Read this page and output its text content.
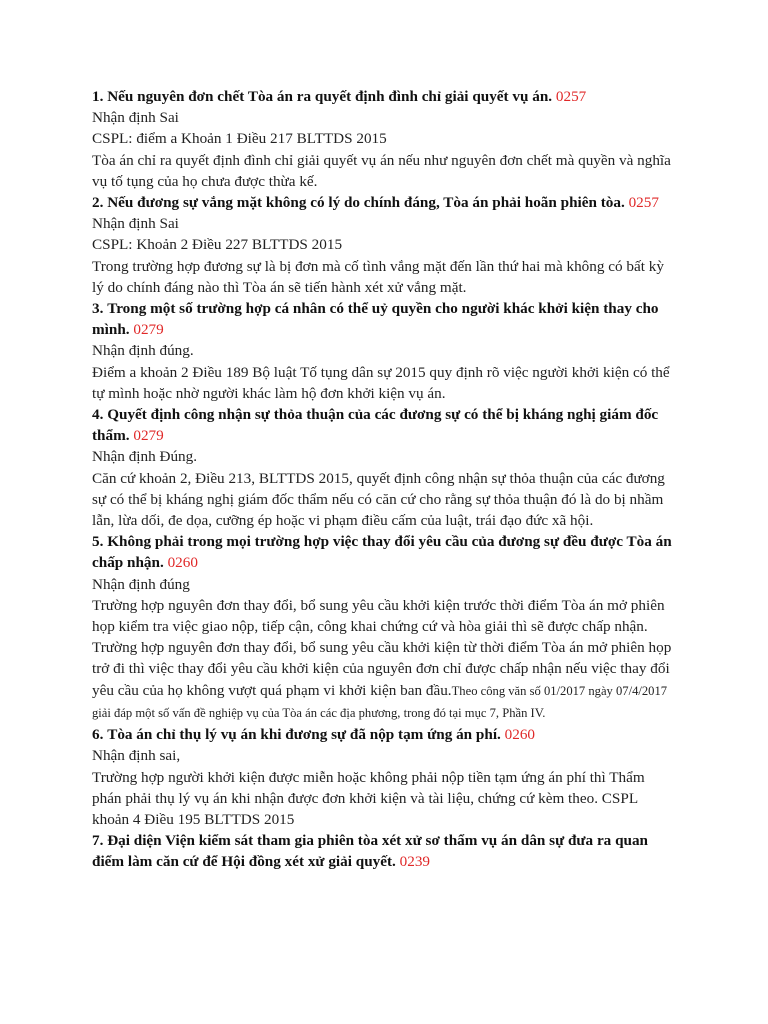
1. Nếu nguyên đơn chết Tòa án ra quyết định đình chỉ giải quyết vụ án. 0257

Nhận định Sai

CSPL: điểm a Khoản 1 Điều 217 BLTTDS 2015

Tòa án chỉ ra quyết định đình chỉ giải quyết vụ án nếu như nguyên đơn chết mà quyền và nghĩa vụ tố tụng của họ chưa được thừa kế.

2. Nếu đương sự vắng mặt không có lý do chính đáng, Tòa án phải hoãn phiên tòa. 0257

Nhận định Sai

CSPL: Khoản 2 Điều 227 BLTTDS 2015

Trong trường hợp đương sự là bị đơn mà cố tình vắng mặt đến lần thứ hai mà không có bất kỳ lý do chính đáng nào thì Tòa án sẽ tiến hành xét xử vắng mặt.

3. Trong một số trường hợp cá nhân có thể uỷ quyền cho người khác khởi kiện thay cho mình. 0279

Nhận định đúng.

Điểm a khoản 2 Điều 189 Bộ luật Tố tụng dân sự 2015 quy định rõ việc người khởi kiện có thể tự mình hoặc nhờ người khác làm hộ đơn khởi kiện vụ án.

4. Quyết định công nhận sự thỏa thuận của các đương sự có thể bị kháng nghị giám đốc thẩm. 0279

Nhận định Đúng.

Căn cứ khoản 2, Điều 213, BLTTDS 2015, quyết định công nhận sự thỏa thuận của các đương sự có thể bị kháng nghị giám đốc thẩm nếu có căn cứ cho rằng sự thỏa thuận đó là do bị nhầm lẫn, lừa dối, đe dọa, cưỡng ép hoặc vi phạm điều cấm của luật, trái đạo đức xã hội.

5. Không phải trong mọi trường hợp việc thay đổi yêu cầu của đương sự đều được Tòa án chấp nhận. 0260

Nhận định đúng

Trường hợp nguyên đơn thay đổi, bổ sung yêu cầu khởi kiện trước thời điểm Tòa án mở phiên họp kiểm tra việc giao nộp, tiếp cận, công khai chứng cứ và hòa giải thì sẽ được chấp nhận. Trường hợp nguyên đơn thay đổi, bổ sung yêu cầu khởi kiện từ thời điểm Tòa án mở phiên họp trở đi thì việc thay đổi yêu cầu khởi kiện của nguyên đơn chỉ được chấp nhận nếu việc thay đổi yêu cầu của họ không vượt quá phạm vi khởi kiện ban đầu.Theo công văn số 01/2017 ngày 07/4/2017 giải đáp một số vấn đề nghiệp vụ của Tòa án các địa phương, trong đó tại mục 7, Phần IV.

6. Tòa án chỉ thụ lý vụ án khi đương sự đã nộp tạm ứng án phí. 0260

Nhận định sai,

Trường hợp người khởi kiện được miễn hoặc không phải nộp tiền tạm ứng án phí thì Thẩm phán phải thụ lý vụ án khi nhận được đơn khởi kiện và tài liệu, chứng cứ kèm theo. CSPL khoản 4 Điều 195 BLTTDS 2015

7. Đại diện Viện kiểm sát tham gia phiên tòa xét xử sơ thẩm vụ án dân sự đưa ra quan điểm làm căn cứ để Hội đồng xét xử giải quyết. 0239
